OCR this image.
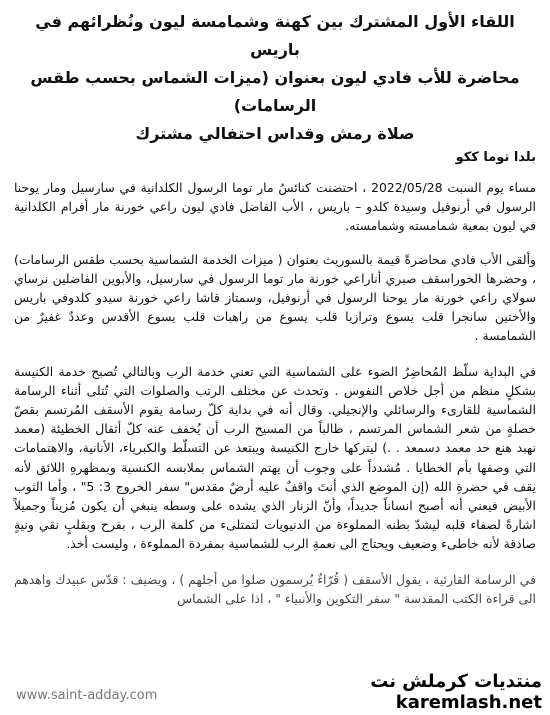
اللقاء الأول المشترك بين كهنة وشمامسة ليون ونُظرائهم في باريس

محاضرة للأب فادي ليون بعنوان (ميزات الشماس بحسب طقس الرسامات)

صلاة رمش وقداس احتفالي مشترك

بلدا توما ككو

مساء يوم السبت 2022/05/28 ، احتضنت كنائسُ مار توما الرسول الكلدانية في سارسيل ومار يوحنا الرسول في أرنوفيل وسيدة كلدو – باريس ، الأب الفاضل فادي ليون راعي خورنة مار أفرام الكلدانية في ليون بمعية شمامسته وشمامسته.

وألقى الأب فادي محاضرةً قيمة بالسوريث بعنوان ( ميزات الخدمة الشماسية بحسب طقس الرسامات) ، وحضرها الخوراسقف صبري أناراعي خورنة مار توما الرسول في سارسيل، والأبوين الفاضلين نرساي سولاي راعي خورنة مار يوحنا الرسول في أرنوفيل، وسمتاز قاشا راعي خورنة سيدو كلدوفي باريس والأختين سانجرا قلب يسوع وترازيا قلب يسوع من راهبات قلب يسوع الأقدس وعددٌ غفيرٌ من الشمامسة .

في البداية سلّط المُحاضِرُ الضوء على الشماسية التي تعني خدمة الرب وبالتالي تُصبح خدمة الكنيسة بشكلٍ منظم من أجل خلاص النفوس . وتحدث عن مختلف الرتب والصلوات التي تُتلى أثناء الرسامة الشماسية للقارىء والرسائلي والإنجيلي. وقال أنه في بداية كلّ رسامة يقوم الأسقف المُرتسم بقصّ خصلةٍ من شعر الشماس المرتسم ، طالباً من المسيح الرب أن يُخفف عنه كلّ أثقال الخطيئة (معمد نهبد هنع حد معمد دسمعد . .) ليتركها خارج الكنيسة ويبتعد عن التسلّط والكبرياء، الأنانية، والاهتمامات التي وصفها بأم الخطايا . مُشدداً على وجوب أن يهتم الشماس بملابسه الكنسية وبمظهرهِ اللائق لأنه يقف في حضرةِ الله (إن الموضع الذي أنتَ واقفٌ عليه أرضٌ مقدس" سفر الخروج 3: 5" ، وأما الثوب الأبيض فيعني أنه أصبح انساناً جديداً، وأنّ الزنار الذي يشده على وسطه ينبغي أن يكون مُزيناً وجميلاً اشارةً لصفاء قلبه ليشدّ بطنه المملوءة من الدنيويات لتمتلىء من كلمة الرب ، بفرح وبقلبٍ نقي ونيةٍ صادقة لأنه خاطىء وضعيف ويحتاج الى نعمةِ الرب للشماسية بمفردة المملوءة ، وليست أخذ.

في الرسامة القارئية ، يقول الأسقف ( قُرّاءٌ يُرسمون صلوا من أجلهم ) ، ويضيف : قدّس عبيدك واهدهم الى قراءة الكتب المقدسة " سفر التكوين والأنبياء " ، اذا على الشماس

www.saint-adday.com
منتديات كرملش نت
karemlash.net
